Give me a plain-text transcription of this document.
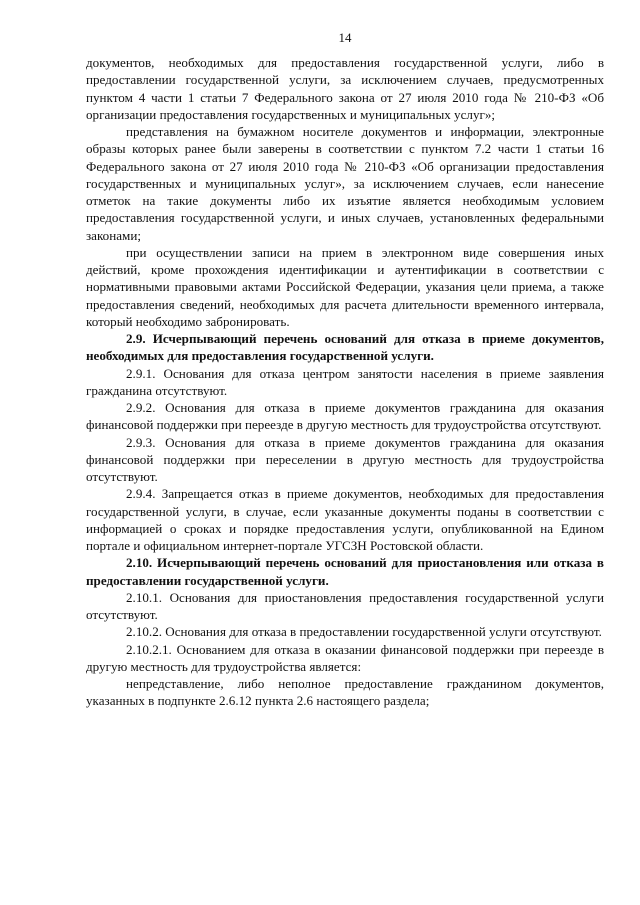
14

документов, необходимых для предоставления государственной услуги, либо в предоставлении государственной услуги, за исключением случаев, предусмотренных пунктом 4 части 1 статьи 7 Федерального закона от 27 июля 2010 года № 210-ФЗ «Об организации предоставления государственных и муниципальных услуг»;

представления на бумажном носителе документов и информации, электронные образы которых ранее были заверены в соответствии с пунктом 7.2 части 1 статьи 16 Федерального закона от 27 июля 2010 года № 210-ФЗ «Об организации предоставления государственных и муниципальных услуг», за исключением случаев, если нанесение отметок на такие документы либо их изъятие является необходимым условием предоставления государственной услуги, и иных случаев, установленных федеральными законами;

при осуществлении записи на прием в электронном виде совершения иных действий, кроме прохождения идентификации и аутентификации в соответствии с нормативными правовыми актами Российской Федерации, указания цели приема, а также предоставления сведений, необходимых для расчета длительности временного интервала, который необходимо забронировать.

2.9. Исчерпывающий перечень оснований для отказа в приеме документов, необходимых для предоставления государственной услуги.

2.9.1. Основания для отказа центром занятости населения в приеме заявления гражданина отсутствуют.

2.9.2. Основания для отказа в приеме документов гражданина для оказания финансовой поддержки при переезде в другую местность для трудоустройства отсутствуют.

2.9.3. Основания для отказа в приеме документов гражданина для оказания финансовой поддержки при переселении в другую местность для трудоустройства отсутствуют.

2.9.4. Запрещается отказ в приеме документов, необходимых для предоставления государственной услуги, в случае, если указанные документы поданы в соответствии с информацией о сроках и порядке предоставления услуги, опубликованной на Едином портале и официальном интернет-портале УГСЗН Ростовской области.

2.10. Исчерпывающий перечень оснований для приостановления или отказа в предоставлении государственной услуги.

2.10.1. Основания для приостановления предоставления государственной услуги отсутствуют.

2.10.2. Основания для отказа в предоставлении государственной услуги отсутствуют.

2.10.2.1. Основанием для отказа в оказании финансовой поддержки при переезде в другую местность для трудоустройства является:

непредставление, либо неполное предоставление гражданином документов, указанных в подпункте 2.6.12 пункта 2.6 настоящего раздела;
